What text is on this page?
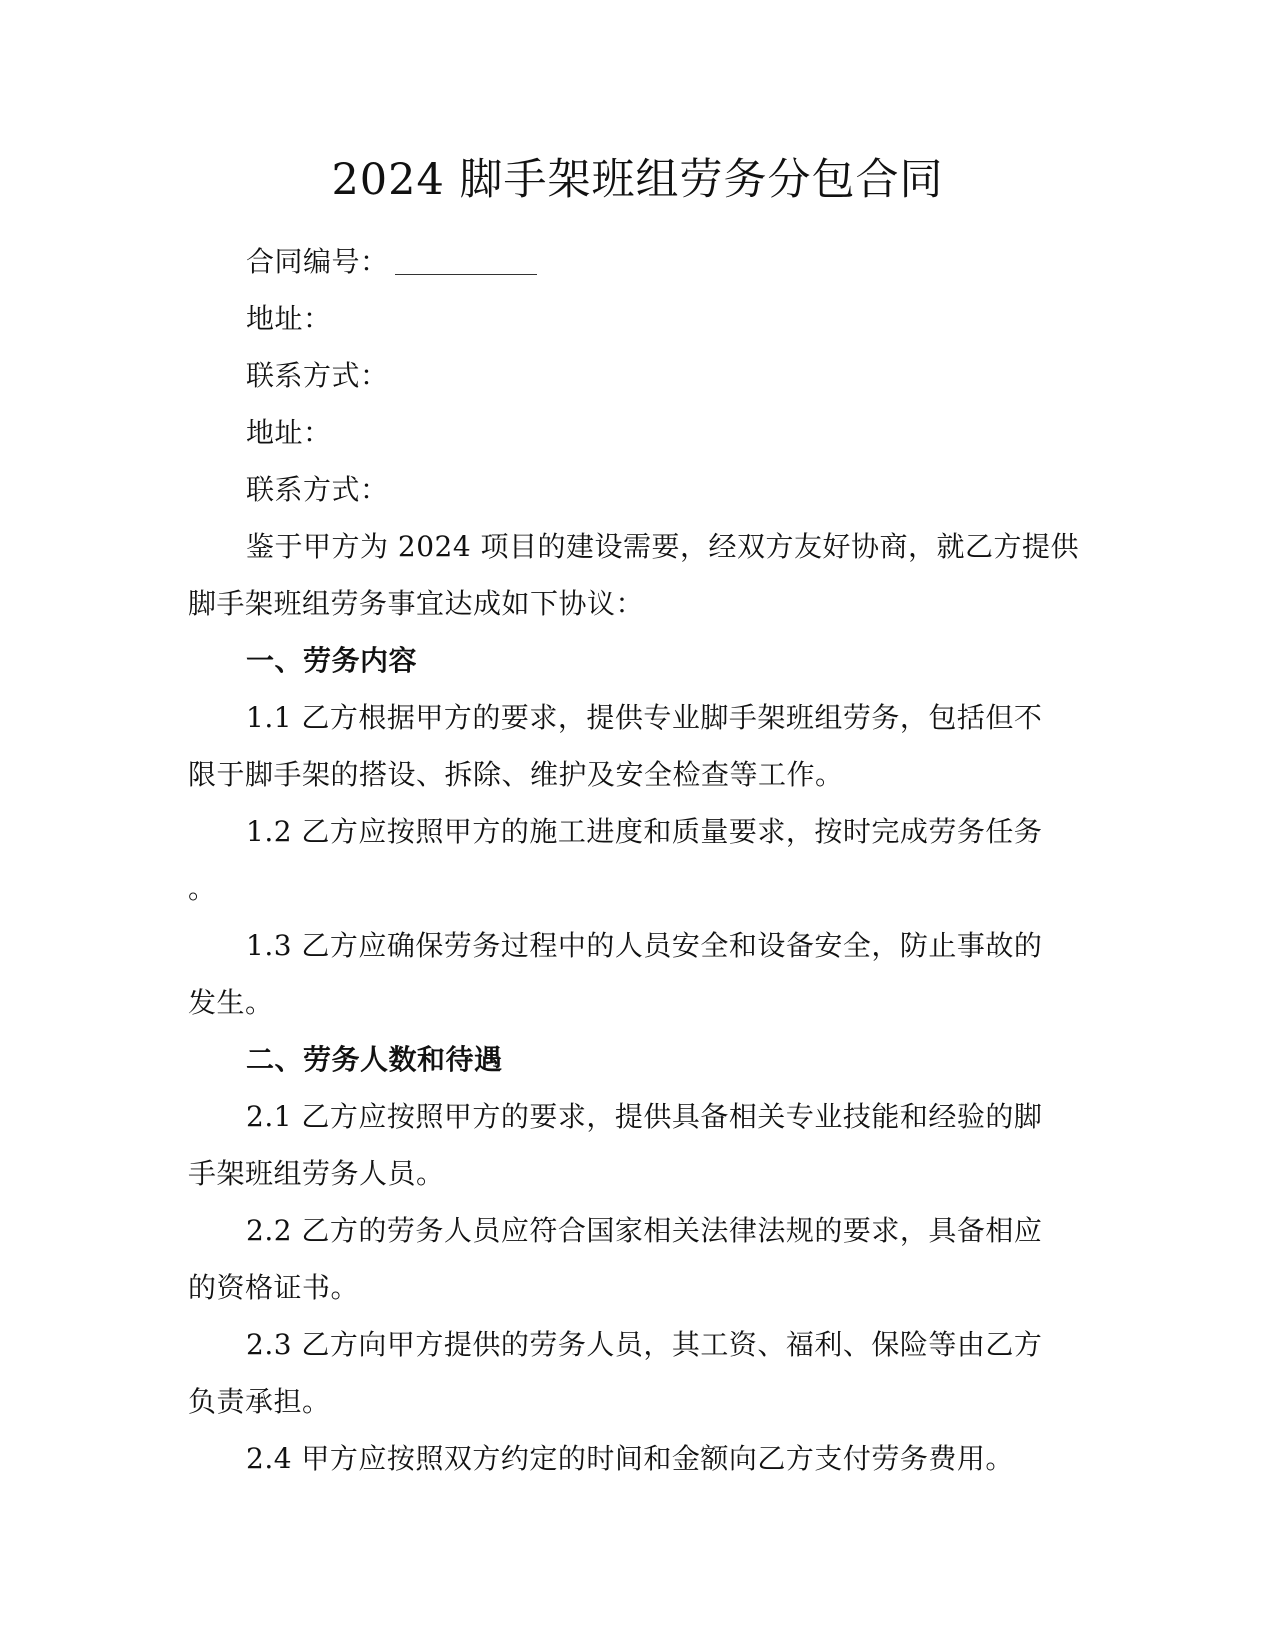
2024 脚手架班组劳务分包合同

合同编号：

地址：

联系方式：

地址：

联系方式：

鉴于甲方为 2024 项目的建设需要，经双方友好协商，就乙方提供

脚手架班组劳务事宜达成如下协议：

一、劳务内容

1.1 乙方根据甲方的要求，提供专业脚手架班组劳务，包括但不

限于脚手架的搭设、拆除、维护及安全检查等工作。

1.2 乙方应按照甲方的施工进度和质量要求，按时完成劳务任务

。

1.3 乙方应确保劳务过程中的人员安全和设备安全，防止事故的

发生。

二、劳务人数和待遇

2.1 乙方应按照甲方的要求，提供具备相关专业技能和经验的脚

手架班组劳务人员。

2.2 乙方的劳务人员应符合国家相关法律法规的要求，具备相应

的资格证书。

2.3 乙方向甲方提供的劳务人员，其工资、福利、保险等由乙方

负责承担。

2.4 甲方应按照双方约定的时间和金额向乙方支付劳务费用。
